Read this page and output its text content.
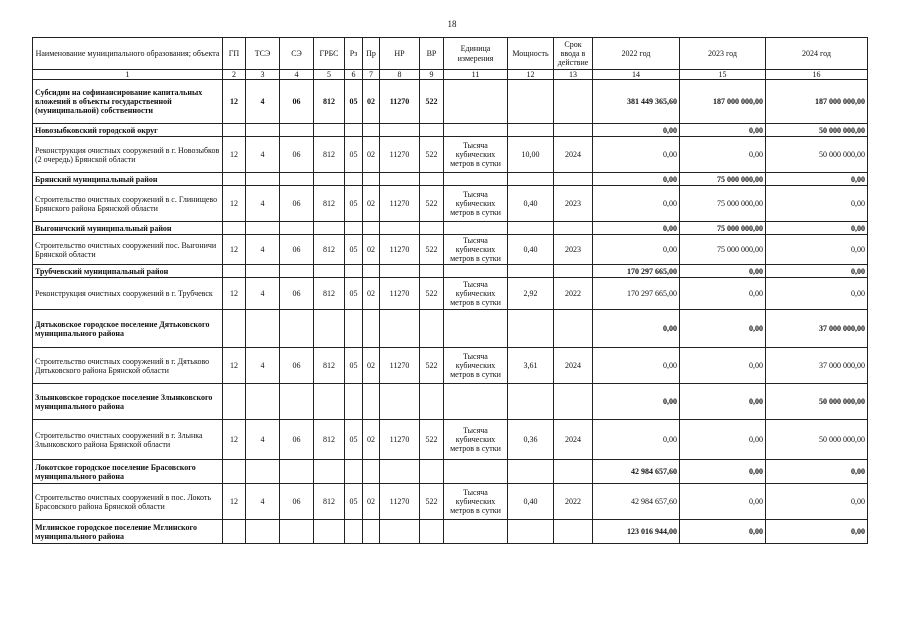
18
Наименование муниципального образования; объекта	ГП	ТСЭ	СЭ	ГРБС	Рз	Пр	НР	ВР	Единица измерения	Мощность	Срок ввода в действие	2022 год	2023 год	2024 год
1	2	3	4	5	6	7	8	9	11	12	13	14	15	16
Субсидии на софинансирование капитальных вложений в объекты государственной (муниципальной) собственности	12	4	06	812	05	02	11270	522				381 449 365,60	187 000 000,00	187 000 000,00
Новозыбковский городской округ												0,00	0,00	50 000 000,00
Реконструкция очистных сооружений в г. Новозыбков (2 очередь) Брянской области	12	4	06	812	05	02	11270	522	Тысяча кубических метров в сутки	10,00	2024	0,00	0,00	50 000 000,00
Брянский муниципальный район												0,00	75 000 000,00	0,00
Строительство очистных сооружений в с. Глинищево Брянского района Брянской области	12	4	06	812	05	02	11270	522	Тысяча кубических метров в сутки	0,40	2023	0,00	75 000 000,00	0,00
Выгоничский муниципальный район												0,00	75 000 000,00	0,00
Строительство очистных сооружений пос. Выгоничи Брянской области	12	4	06	812	05	02	11270	522	Тысяча кубических метров в сутки	0,40	2023	0,00	75 000 000,00	0,00
Трубчевский муниципальный район												170 297 665,00	0,00	0,00
Реконструкция очистных сооружений в г. Трубчевск	12	4	06	812	05	02	11270	522	Тысяча кубических метров в сутки	2,92	2022	170 297 665,00	0,00	0,00
Дятьковское городское поселение Дятьковского муниципального района												0,00	0,00	37 000 000,00
Строительство очистных сооружений в г. Дятьково Дятьковского района Брянской области	12	4	06	812	05	02	11270	522	Тысяча кубических метров в сутки	3,61	2024	0,00	0,00	37 000 000,00
Злынковское городское поселение Злынковского муниципального района												0,00	0,00	50 000 000,00
Строительство очистных сооружений в г. Злынка Злынковского района Брянской области	12	4	06	812	05	02	11270	522	Тысяча кубических метров в сутки	0,36	2024	0,00	0,00	50 000 000,00
Локотское городское поселение Брасовского муниципального района												42 984 657,60	0,00	0,00
Строительство очистных сооружений в пос. Локоть Брасовского района Брянской области	12	4	06	812	05	02	11270	522	Тысяча кубических метров в сутки	0,40	2022	42 984 657,60	0,00	0,00
Мглинское городское поселение Мглинского муниципального района												123 016 944,00	0,00	0,00
